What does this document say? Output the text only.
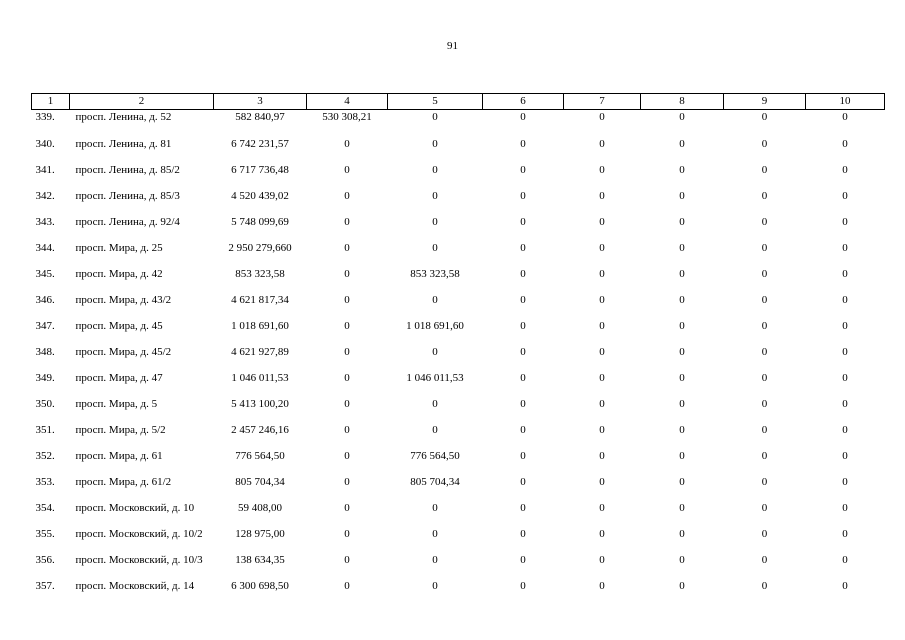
91
1	2	3	4	5	6	7	8	9	10
339.	просп. Ленина, д. 52	582 840,97	530 308,21	0	0	0	0	0	0
340.	просп. Ленина, д. 81	6 742 231,57	0	0	0	0	0	0	0
341.	просп. Ленина, д. 85/2	6 717 736,48	0	0	0	0	0	0	0
342.	просп. Ленина, д. 85/3	4 520 439,02	0	0	0	0	0	0	0
343.	просп. Ленина, д. 92/4	5 748 099,69	0	0	0	0	0	0	0
344.	просп. Мира, д. 25	2 950 279,660	0	0	0	0	0	0	0
345.	просп. Мира, д. 42	853 323,58	0	853 323,58	0	0	0	0	0
346.	просп. Мира, д. 43/2	4 621 817,34	0	0	0	0	0	0	0
347.	просп. Мира, д. 45	1 018 691,60	0	1 018 691,60	0	0	0	0	0
348.	просп. Мира, д. 45/2	4 621 927,89	0	0	0	0	0	0	0
349.	просп. Мира, д. 47	1 046 011,53	0	1 046 011,53	0	0	0	0	0
350.	просп. Мира, д. 5	5 413 100,20	0	0	0	0	0	0	0
351.	просп. Мира, д. 5/2	2 457 246,16	0	0	0	0	0	0	0
352.	просп. Мира, д. 61	776 564,50	0	776 564,50	0	0	0	0	0
353.	просп. Мира, д. 61/2	805 704,34	0	805 704,34	0	0	0	0	0
354.	просп. Московский, д. 10	59 408,00	0	0	0	0	0	0	0
355.	просп. Московский, д. 10/2	128 975,00	0	0	0	0	0	0	0
356.	просп. Московский, д. 10/3	138 634,35	0	0	0	0	0	0	0
357.	просп. Московский, д. 14	6 300 698,50	0	0	0	0	0	0	0
